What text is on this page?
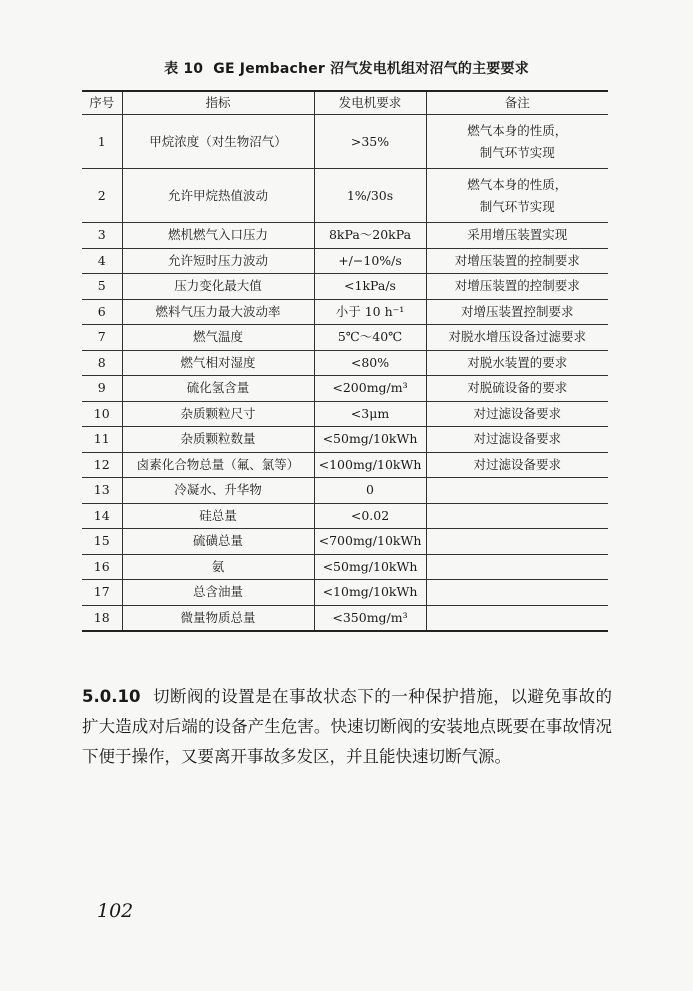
表 10 GE Jembacher 沼气发电机组对沼气的主要要求
序号	指标	发电机要求	备注
1	甲烷浓度（对生物沼气）	>35%	燃气本身的性质，
制气环节实现

2	允许甲烷热值波动	1%/30s	燃气本身的性质，
制气环节实现

3	燃机燃气入口压力	8kPa～20kPa	采用增压装置实现
4	允许短时压力波动	+/−10%/s	对增压装置的控制要求
5	压力变化最大值	<1kPa/s	对增压装置的控制要求
6	燃料气压力最大波动率	小于 10 h⁻¹	对增压装置控制要求
7	燃气温度	5℃～40℃	对脱水增压设备过滤要求
8	燃气相对湿度	<80%	对脱水装置的要求
9	硫化氢含量	<200mg/m³	对脱硫设备的要求
10	杂质颗粒尺寸	<3μm	对过滤设备要求
11	杂质颗粒数量	<50mg/10kWh	对过滤设备要求
12	卤素化合物总量（氟、氯等）	<100mg/10kWh	对过滤设备要求
13	冷凝水、升华物	0	
14	硅总量	<0.02	
15	硫磺总量	<700mg/10kWh	
16	氨	<50mg/10kWh	
17	总含油量	<10mg/10kWh	
18	微量物质总量	<350mg/m³	
5.0.10 切断阀的设置是在事故状态下的一种保护措施，以避免事故的扩大造成对后端的设备产生危害。快速切断阀的安装地点既要在事故情况下便于操作，又要离开事故多发区，并且能快速切断气源。
102
